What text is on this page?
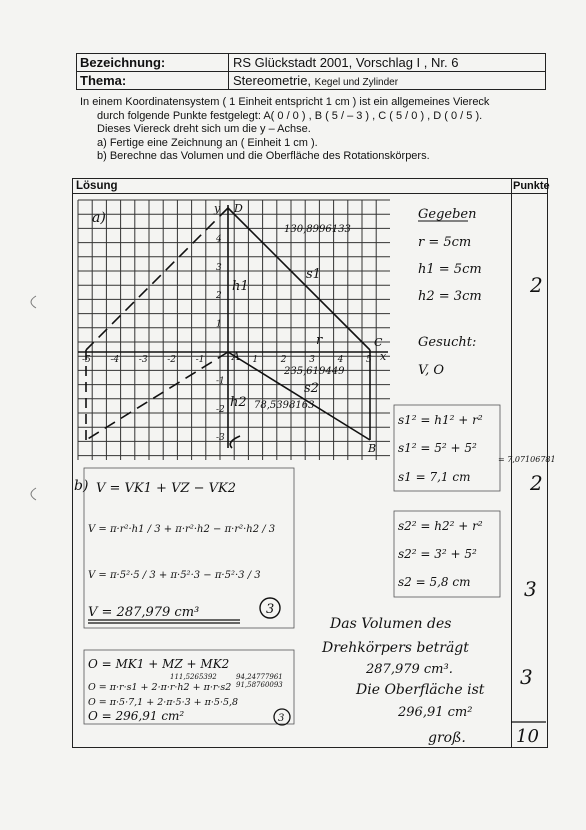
Bezeichnung:	RS Glückstadt 2001, Vorschlag I , Nr. 6
Thema:	Stereometrie, Kegel und Zylinder
In einem Koordinatensystem ( 1 Einheit entspricht 1 cm ) ist ein allgemeines Viereck
durch folgende Punkte festgelegt: A( 0 / 0 ) , B ( 5 / – 3 ) , C ( 5 / 0 ) , D ( 0 / 5 ).
Dieses Viereck dreht sich um die y – Achse.
a) Fertige eine Zeichnung an ( Einheit 1 cm ).
b) Berechne das Volumen und die Oberfläche des Rotationskörpers.
Lösung	Punkte
a)
y D
A
C
x
B
h1
h2
s1
s2
r
130,8996133
235,619449
78,5398163
-5 -4 -3 -2 -1	1	2	3	4	5
4
3
2
1
-1
-2
-3
Gegeben
r = 5cm
h1 = 5cm
h2 = 3cm
Gesucht:
V, O
s1² = h1² + r²
s1² = 5² + 5²
s1 = 7,1 cm
= 7,07106781
s2² = h2² + r²
s2² = 3² + 5²
s2 = 5,8 cm
b) V = VK1 + VZ − VK2
V = π·r²·h1 / 3 + π·r²·h2 − π·r²·h2 / 3
V = π·5²·5 / 3 + π·5²·3 − π·5²·3 / 3
V = 287,979 cm³	3
Das Volumen des
Drehkörpers beträgt
287,979 cm³.
Die Oberfläche ist
296,91 cm²
groß.
O = MK1 + MZ + MK2
O = π·r·s1 + 2·π·r·h2 + π·r·s2
O = π·5·7,1 + 2·π·5·3 + π·5·5,8
O = 296,91 cm²
111,5265392	94,24777961
91,58760093
3
2
2
3
3
10
